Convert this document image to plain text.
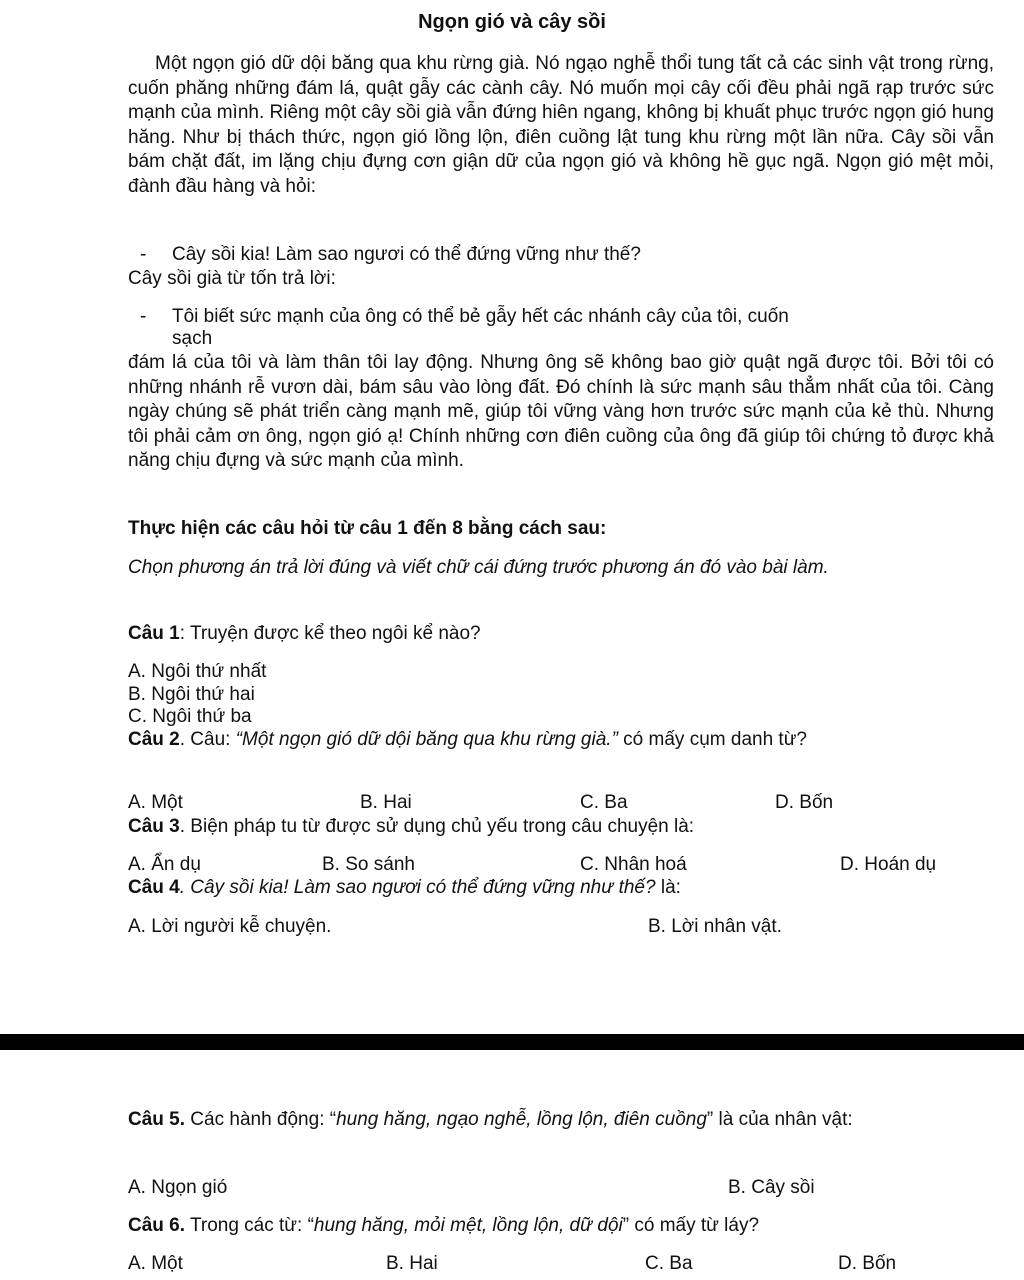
Ngọn gió và cây sồi
Một ngọn gió dữ dội băng qua khu rừng già. Nó ngạo nghễ thổi tung tất cả các sinh vật trong rừng, cuốn phăng những đám lá, quật gẫy các cành cây. Nó muốn mọi cây cối đều phải ngã rạp trước sức mạnh của mình. Riêng một cây sồi già vẫn đứng hiên ngang, không bị khuất phục trước ngọn gió hung hăng. Như bị thách thức, ngọn gió lồng lộn, điên cuồng lật tung khu rừng một lần nữa. Cây sồi vẫn bám chặt đất, im lặng chịu đựng cơn giận dữ của ngọn gió và không hề gục ngã. Ngọn gió mệt mỏi, đành đầu hàng và hỏi:
- Cây sồi kia! Làm sao ngươi có thể đứng vững như thế?
Cây sồi già từ tốn trả lời:
- Tôi biết sức mạnh của ông có thể bẻ gẫy hết các nhánh cây của tôi, cuốn
sạch
đám lá của tôi và làm thân tôi lay động. Nhưng ông sẽ không bao giờ quật ngã được tôi. Bởi tôi có những nhánh rễ vươn dài, bám sâu vào lòng đất. Đó chính là sức mạnh sâu thẳm nhất của tôi. Càng ngày chúng sẽ phát triển càng mạnh mẽ, giúp tôi vững vàng hơn trước sức mạnh của kẻ thù. Nhưng tôi phải cảm ơn ông, ngọn gió ạ! Chính những cơn điên cuồng của ông đã giúp tôi chứng tỏ được khả năng chịu đựng và sức mạnh của mình.
Thực hiện các câu hỏi từ câu 1 đến 8 bằng cách sau:
Chọn phương án trả lời đúng và viết chữ cái đứng trước phương án đó vào bài làm.
Câu 1: Truyện được kể theo ngôi kể nào?
A. Ngôi thứ nhất
B. Ngôi thứ hai
C. Ngôi thứ ba
Câu 2. Câu: “Một ngọn gió dữ dội băng qua khu rừng già.” có mấy cụm danh từ?
A. Một	B. Hai	C. Ba	D. Bốn
Câu 3. Biện pháp tu từ được sử dụng chủ yếu trong câu chuyện là:
A. Ẩn dụ	B. So sánh	C. Nhân hoá	D. Hoán dụ
Câu 4. Cây sồi kia! Làm sao ngươi có thể đứng vững như thế? là:
A. Lời người kễ chuyện.	B. Lời nhân vật.
Câu 5. Các hành động: “hung hăng, ngạo nghễ, lồng lộn, điên cuồng” là của nhân vật:
A. Ngọn gió	B. Cây sồi
Câu 6. Trong các từ: “hung hăng, mỏi mệt, lồng lộn, dữ dội” có mấy từ láy?
A. Một	B. Hai	C. Ba	D. Bốn
